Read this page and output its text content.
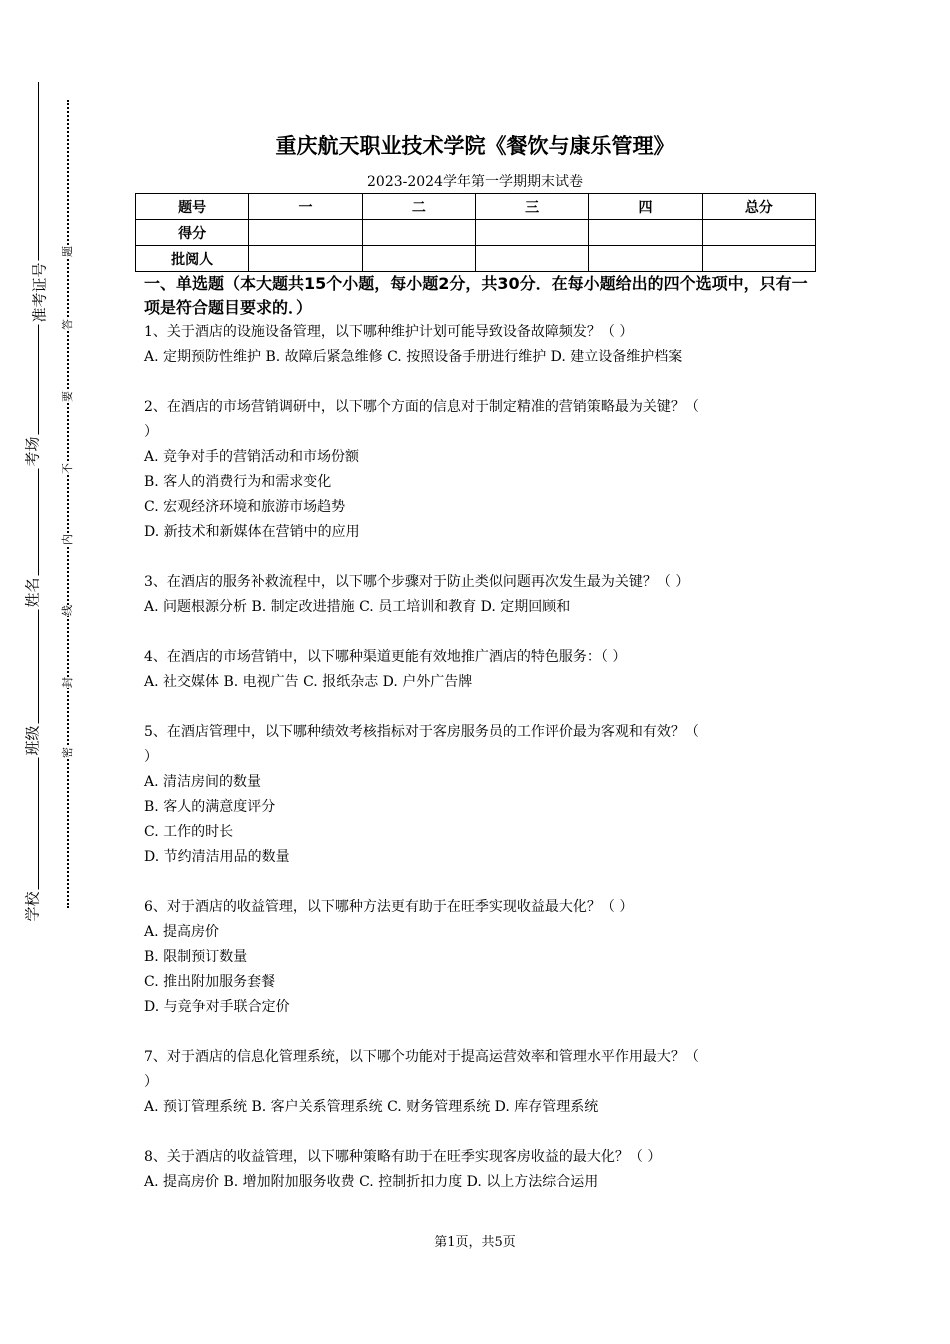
准考证号
考场
姓名
班级
学校
题
答
要
不
内
线
封
密
重庆航天职业技术学院《餐饮与康乐管理》
2023-2024学年第一学期期末试卷
题号	一	二	三	四	总分
得分					
批阅人					
一、单选题（本大题共15个小题，每小题2分，共30分．在每小题给出的四个选项中，只有一项是符合题目要求的．）

1、关于酒店的设施设备管理，以下哪种维护计划可能导致设备故障频发？（ ）

A. 定期预防性维护 B. 故障后紧急维修 C. 按照设备手册进行维护 D. 建立设备维护档案

2、在酒店的市场营销调研中，以下哪个方面的信息对于制定精准的营销策略最为关键？（

）

A. 竞争对手的营销活动和市场份额

B. 客人的消费行为和需求变化

C. 宏观经济环境和旅游市场趋势

D. 新技术和新媒体在营销中的应用

3、在酒店的服务补救流程中，以下哪个步骤对于防止类似问题再次发生最为关键？（ ）

A. 问题根源分析 B. 制定改进措施 C. 员工培训和教育 D. 定期回顾和

4、在酒店的市场营销中，以下哪种渠道更能有效地推广酒店的特色服务：（ ）

A. 社交媒体 B. 电视广告 C. 报纸杂志 D. 户外广告牌

5、在酒店管理中，以下哪种绩效考核指标对于客房服务员的工作评价最为客观和有效？（

）

A. 清洁房间的数量

B. 客人的满意度评分

C. 工作的时长

D. 节约清洁用品的数量

6、对于酒店的收益管理，以下哪种方法更有助于在旺季实现收益最大化？（ ）

A. 提高房价

B. 限制预订数量

C. 推出附加服务套餐

D. 与竞争对手联合定价

7、对于酒店的信息化管理系统，以下哪个功能对于提高运营效率和管理水平作用最大？（

）

A. 预订管理系统 B. 客户关系管理系统 C. 财务管理系统 D. 库存管理系统

8、关于酒店的收益管理，以下哪种策略有助于在旺季实现客房收益的最大化？（ ）

A. 提高房价 B. 增加附加服务收费 C. 控制折扣力度 D. 以上方法综合运用

第1页，共5页
